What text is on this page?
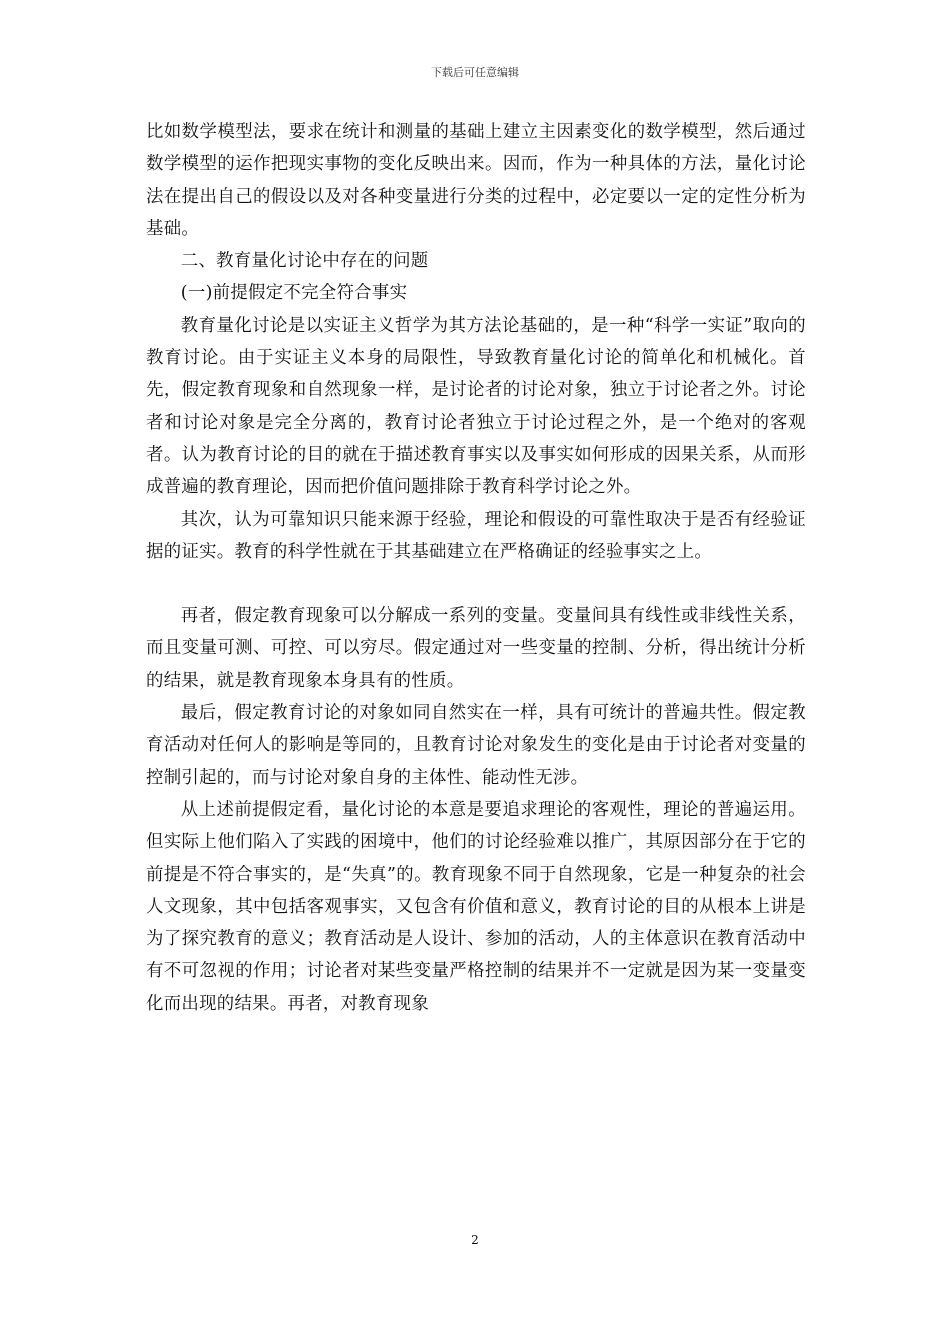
下载后可任意编辑

比如数学模型法，要求在统计和测量的基础上建立主因素变化的数学模型，然后通过数学模型的运作把现实事物的变化反映出来。因而，作为一种具体的方法，量化讨论法在提出自己的假设以及对各种变量进行分类的过程中，必定要以一定的定性分析为基础。

二、教育量化讨论中存在的问题

(一)前提假定不完全符合事实

教育量化讨论是以实证主义哲学为其方法论基础的，是一种“科学一实证”取向的教育讨论。由于实证主义本身的局限性，导致教育量化讨论的简单化和机械化。首先，假定教育现象和自然现象一样，是讨论者的讨论对象，独立于讨论者之外。讨论者和讨论对象是完全分离的，教育讨论者独立于讨论过程之外，是一个绝对的客观者。认为教育讨论的目的就在于描述教育事实以及事实如何形成的因果关系，从而形成普遍的教育理论，因而把价值问题排除于教育科学讨论之外。

其次，认为可靠知识只能来源于经验，理论和假设的可靠性取决于是否有经验证据的证实。教育的科学性就在于其基础建立在严格确证的经验事实之上。

再者，假定教育现象可以分解成一系列的变量。变量间具有线性或非线性关系，而且变量可测、可控、可以穷尽。假定通过对一些变量的控制、分析，得出统计分析的结果，就是教育现象本身具有的性质。

最后，假定教育讨论的对象如同自然实在一样，具有可统计的普遍共性。假定教育活动对任何人的影响是等同的，且教育讨论对象发生的变化是由于讨论者对变量的控制引起的，而与讨论对象自身的主体性、能动性无涉。

从上述前提假定看，量化讨论的本意是要追求理论的客观性，理论的普遍运用。但实际上他们陷入了实践的困境中，他们的讨论经验难以推广，其原因部分在于它的前提是不符合事实的，是“失真”的。教育现象不同于自然现象，它是一种复杂的社会人文现象，其中包括客观事实，又包含有价值和意义，教育讨论的目的从根本上讲是为了探究教育的意义；教育活动是人设计、参加的活动，人的主体意识在教育活动中有不可忽视的作用；讨论者对某些变量严格控制的结果并不一定就是因为某一变量变化而出现的结果。再者，对教育现象

2
